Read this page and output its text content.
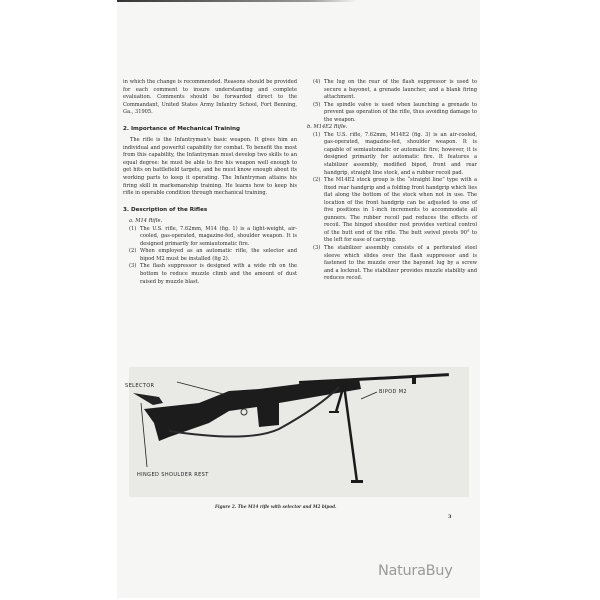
in which the change is recommended. Reasons should be provided for each comment to insure understanding and complete evaluation. Comments should be forwarded direct to the Commandant, United States Army Infantry School, Fort Benning, Ga., 31905.

2. Importance of Mechanical Training

The rifle is the Infantryman's basic weapon. It gives him an individual and powerful capability for combat. To benefit the most from this capability, the Infantryman must develop two skills to an equal degree: he must be able to fire his weapon well enough to get hits on battlefield targets, and he must know enough about its working parts to keep it operating. The Infantryman attains his firing skill in marksmanship training. He learns how to keep his rifle in operable condition through mechanical training.

3. Description of the Rifles

a. M14 Rifle.

(1) The U.S. rifle, 7.62mm, M14 (fig. 1) is a light-weight, air-cooled, gas-operated, magazine-fed, shoulder weapon. It is designed primarily for semiautomatic fire.
(2) When employed as an automatic rifle, the selector and bipod M2 must be installed (fig 2).
(3) The flash suppressor is designed with a wide rib on the bottom to reduce muzzle climb and the amount of dust raised by muzzle blast.
(4) The lug on the rear of the flash suppressor is used to secure a bayonet, a grenade launcher, and a blank firing attachment.
(5) The spindle valve is used when launching a grenade to prevent gas operation of the rifle, thus avoiding damage to the weapon.

b. M14E2 Rifle.

(1) The U.S. rifle, 7.62mm, M14E2 (fig. 3) is an air-cooled, gas-operated, magazine-fed, shoulder weapon. It is capable of semiautomatic or automatic fire; however, it is designed primarily for automatic fire. It features a stabilizer assembly, modified bipod, front and rear handgrip, straight line stock, and a rubber recoil pad.
(2) The M14E2 stock group is the “straight line” type with a fixed rear handgrip and a folding front handgrip which lies flat along the bottom of the stock when not in use. The location of the front handgrip can be adjusted to one of five positions in 1-inch increments to accommodate all gunners. The rubber recoil pad reduces the effects of recoil. The hinged shoulder rest provides vertical control of the butt end of the rifle. The butt swivel pivots 90° to the left for ease of carrying.
(3) The stabilizer assembly consists of a perforated steel sleeve which slides over the flash suppressor and is fastened to the muzzle over the bayonet lug by a screw and a locknut. The stabilizer provides muzzle stability and reduces recoil.
SELECTOR
BIPOD M2
HINGED SHOULDER REST
Figure 2. The M14 rifle with selector and M2 bipod.
3
NaturaBuy
